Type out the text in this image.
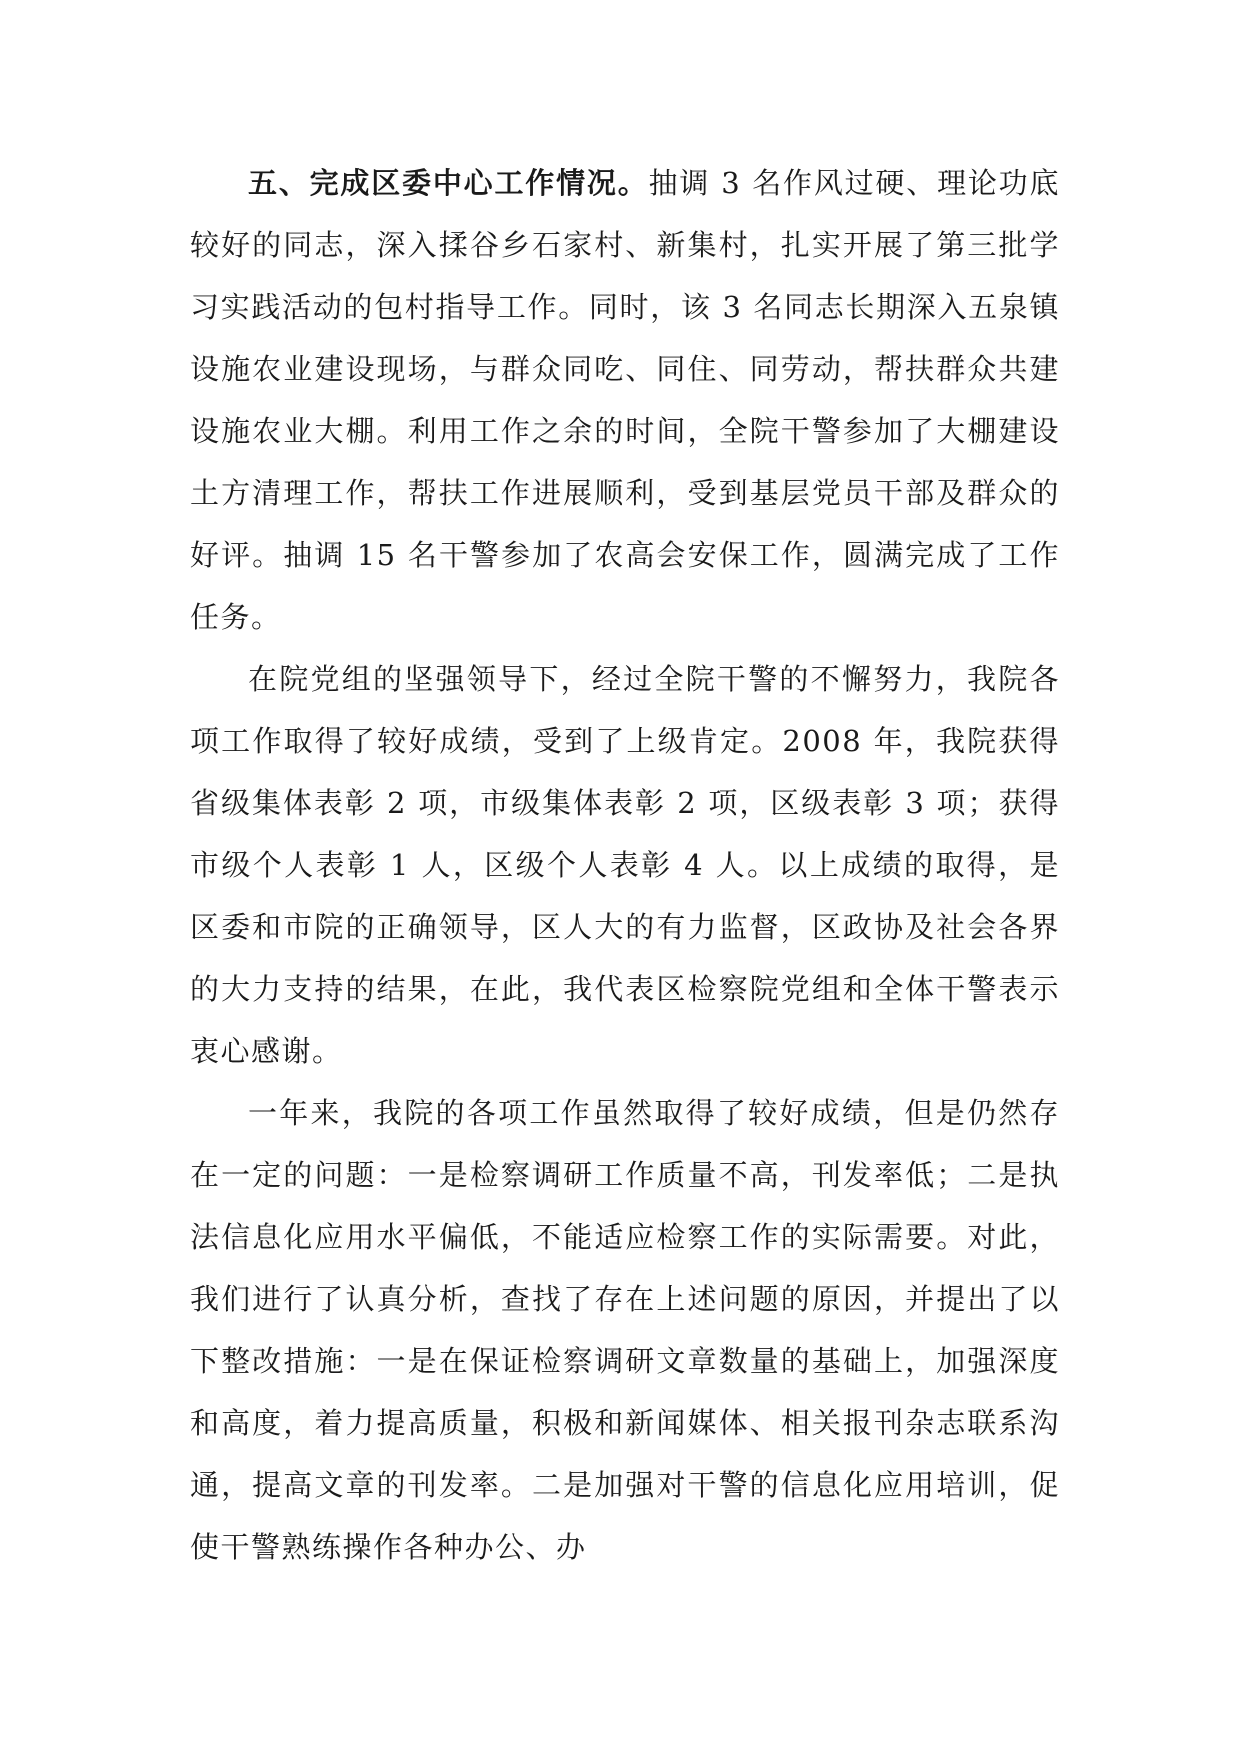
五、完成区委中心工作情况。抽调 3 名作风过硬、理论功底较好的同志，深入揉谷乡石家村、新集村，扎实开展了第三批学习实践活动的包村指导工作。同时，该 3 名同志长期深入五泉镇设施农业建设现场，与群众同吃、同住、同劳动，帮扶群众共建设施农业大棚。利用工作之余的时间，全院干警参加了大棚建设土方清理工作，帮扶工作进展顺利，受到基层党员干部及群众的好评。抽调 15 名干警参加了农高会安保工作，圆满完成了工作任务。

在院党组的坚强领导下，经过全院干警的不懈努力，我院各项工作取得了较好成绩，受到了上级肯定。2008 年，我院获得省级集体表彰 2 项，市级集体表彰 2 项，区级表彰 3 项；获得市级个人表彰 1 人，区级个人表彰 4 人。以上成绩的取得，是区委和市院的正确领导，区人大的有力监督，区政协及社会各界的大力支持的结果，在此，我代表区检察院党组和全体干警表示衷心感谢。

一年来，我院的各项工作虽然取得了较好成绩，但是仍然存在一定的问题：一是检察调研工作质量不高，刊发率低；二是执法信息化应用水平偏低，不能适应检察工作的实际需要。对此，我们进行了认真分析，查找了存在上述问题的原因，并提出了以下整改措施：一是在保证检察调研文章数量的基础上，加强深度和高度，着力提高质量，积极和新闻媒体、相关报刊杂志联系沟通，提高文章的刊发率。二是加强对干警的信息化应用培训，促使干警熟练操作各种办公、办
